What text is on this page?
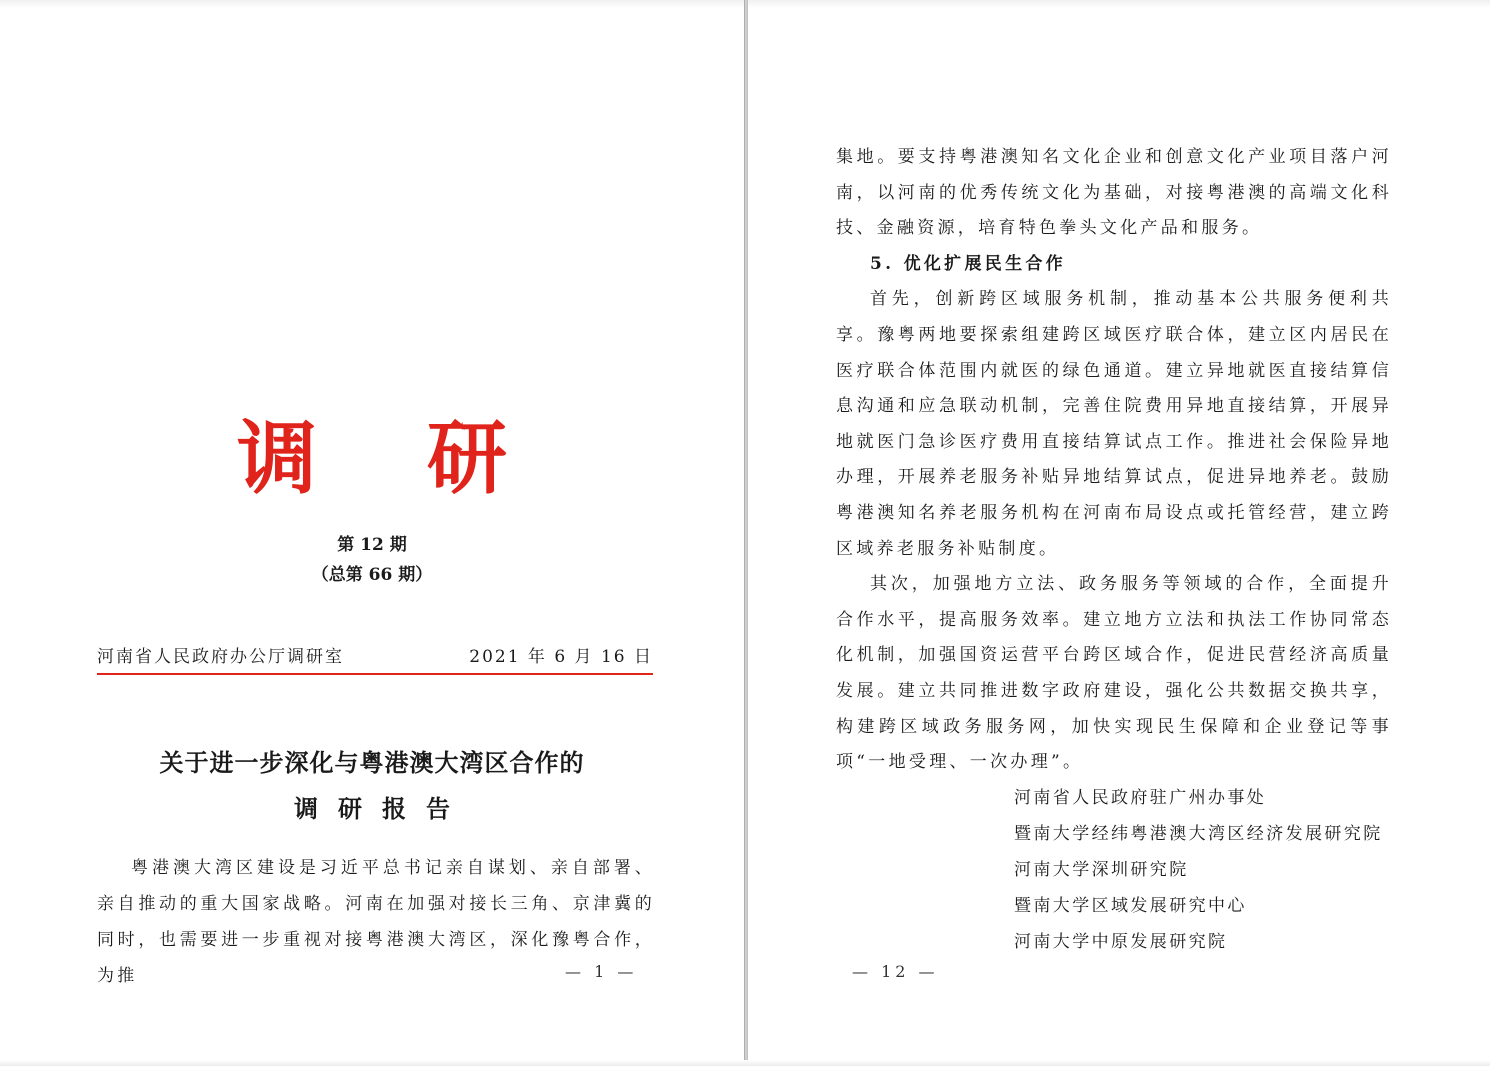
调研
第 12 期
（总第 66 期）
河南省人民政府办公厅调研室	2021 年 6 月 16 日
关于进一步深化与粤港澳大湾区合作的
调研报告

粤港澳大湾区建设是习近平总书记亲自谋划、亲自部署、亲自推动的重大国家战略。河南在加强对接长三角、京津冀的同时，也需要进一步重视对接粤港澳大湾区，深化豫粤合作，为推	— 1 —

集地。要支持粤港澳知名文化企业和创意文化产业项目落户河南，以河南的优秀传统文化为基础，对接粤港澳的高端文化科技、金融资源，培育特色拳头文化产品和服务。

5. 优化扩展民生合作

首先，创新跨区域服务机制，推动基本公共服务便利共享。豫粤两地要探索组建跨区域医疗联合体，建立区内居民在医疗联合体范围内就医的绿色通道。建立异地就医直接结算信息沟通和应急联动机制，完善住院费用异地直接结算，开展异地就医门急诊医疗费用直接结算试点工作。推进社会保险异地办理，开展养老服务补贴异地结算试点，促进异地养老。鼓励粤港澳知名养老服务机构在河南布局设点或托管经营，建立跨区域养老服务补贴制度。

其次，加强地方立法、政务服务等领域的合作，全面提升合作水平，提高服务效率。建立地方立法和执法工作协同常态化机制，加强国资运营平台跨区域合作，促进民营经济高质量发展。建立共同推进数字政府建设，强化公共数据交换共享，构建跨区域政务服务网，加快实现民生保障和企业登记等事项“一地受理、一次办理”。

河南省人民政府驻广州办事处
暨南大学经纬粤港澳大湾区经济发展研究院
河南大学深圳研究院
暨南大学区域发展研究中心
河南大学中原发展研究院
— 12 —
